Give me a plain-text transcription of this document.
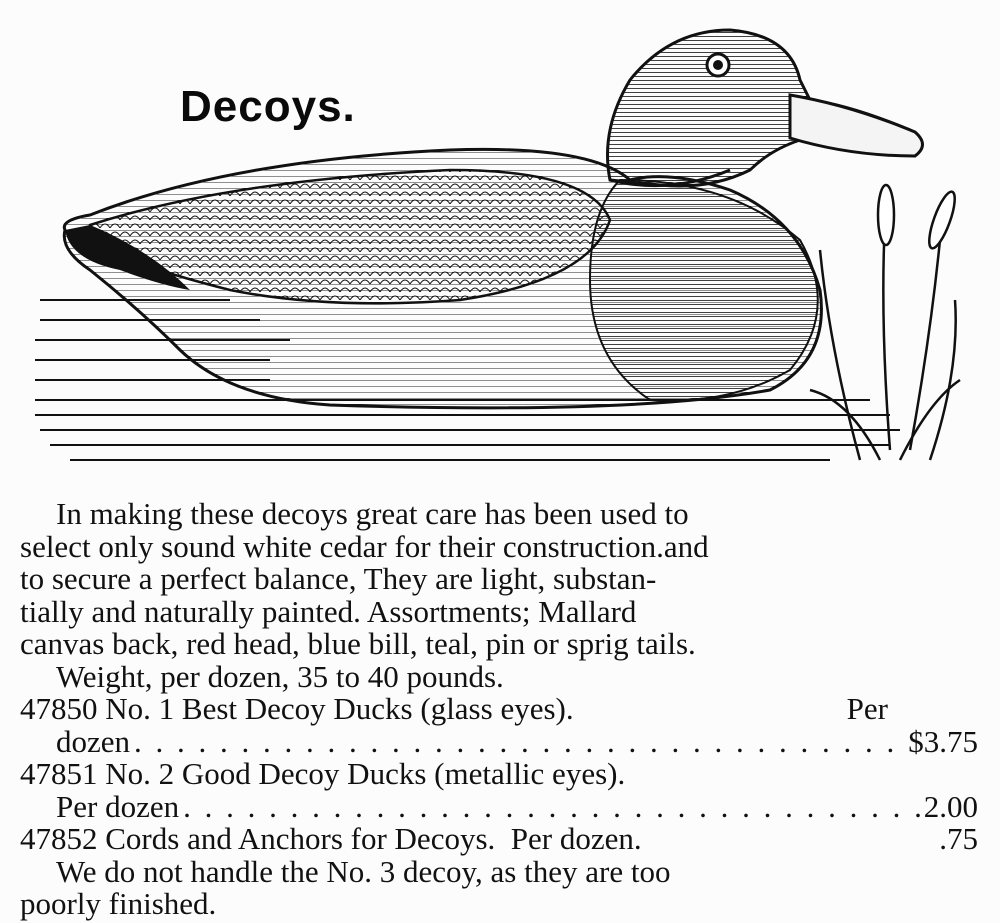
Decoys.
In making these decoys great care has been used to
select only sound white cedar for their construction.and
to secure a perfect balance, They are light, substan-
tially and naturally painted. Assortments; Mallard
canvas back, red head, blue bill, teal, pin or sprig tails.
Weight, per dozen, 35 to 40 pounds.
47850 No. 1 Best Decoy Ducks (glass eyes).	Per
dozen . . .	$3.75
47851
No. 2 Good Decoy Ducks (metallic eyes).
Per dozen . . .	2.00
47852 Cords and Anchors for Decoys. Per dozen.	.75
We do not handle the No. 3 decoy, as they are too
poorly finished.
